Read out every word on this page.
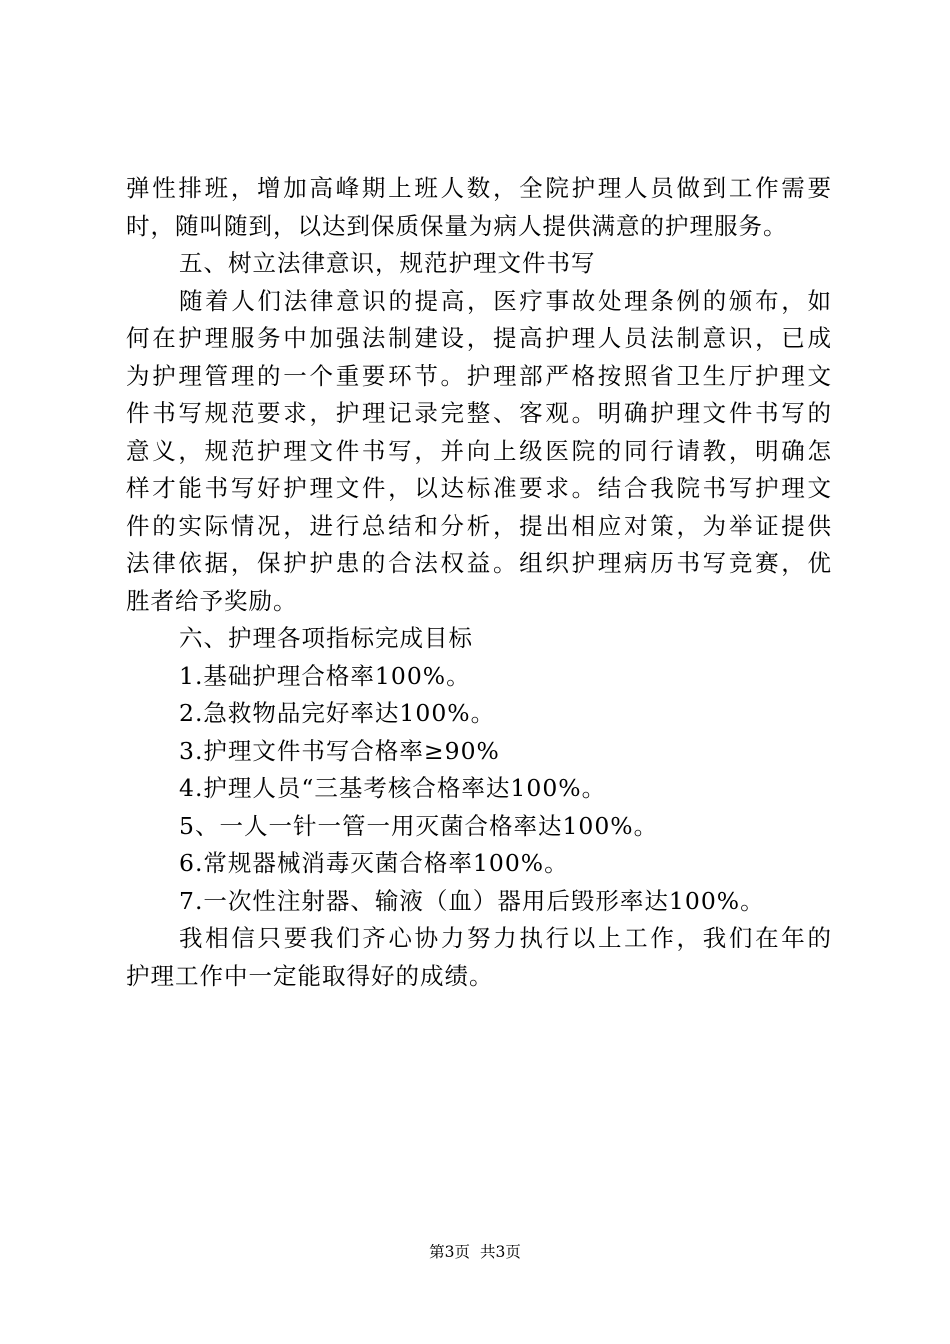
弹性排班，增加高峰期上班人数，全院护理人员做到工作需要
时，随叫随到，以达到保质保量为病人提供满意的护理服务。
五、树立法律意识，规范护理文件书写
随着人们法律意识的提高，医疗事故处理条例的颁布，如
何在护理服务中加强法制建设，提高护理人员法制意识，已成
为护理管理的一个重要环节。护理部严格按照省卫生厅护理文
件书写规范要求，护理记录完整、客观。明确护理文件书写的
意义，规范护理文件书写，并向上级医院的同行请教，明确怎
样才能书写好护理文件，以达标准要求。结合我院书写护理文
件的实际情况，进行总结和分析，提出相应对策，为举证提供
法律依据，保护护患的合法权益。组织护理病历书写竞赛，优
胜者给予奖励。
六、护理各项指标完成目标
1.基础护理合格率100%。
2.急救物品完好率达100%。
3.护理文件书写合格率≥90%
4.护理人员“三基考核合格率达100%。
5、一人一针一管一用灭菌合格率达100%。
6.常规器械消毒灭菌合格率100%。
7.一次性注射器、输液（血）器用后毁形率达100%。
我相信只要我们齐心协力努力执行以上工作，我们在年的
护理工作中一定能取得好的成绩。
第3页 共3页
